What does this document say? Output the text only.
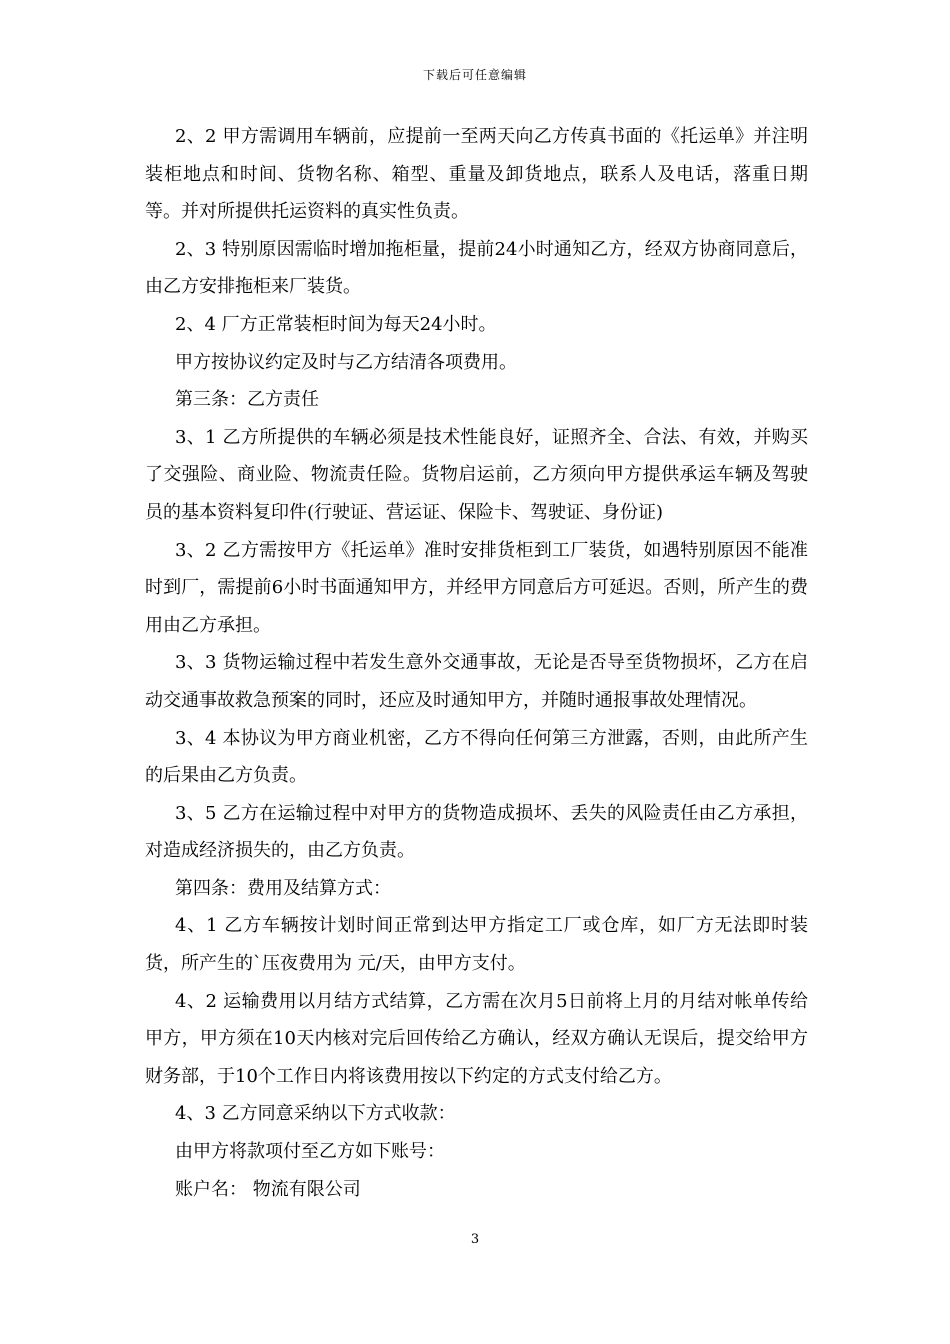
下载后可任意编辑

2、2 甲方需调用车辆前，应提前一至两天向乙方传真书面的《托运单》并注明装柜地点和时间、货物名称、箱型、重量及卸货地点，联系人及电话，落重日期等。并对所提供托运资料的真实性负责。

2、3 特别原因需临时增加拖柜量，提前24小时通知乙方，经双方协商同意后，由乙方安排拖柜来厂装货。

2、4 厂方正常装柜时间为每天24小时。

甲方按协议约定及时与乙方结清各项费用。

第三条：乙方责任

3、1 乙方所提供的车辆必须是技术性能良好，证照齐全、合法、有效，并购买了交强险、商业险、物流责任险。货物启运前，乙方须向甲方提供承运车辆及驾驶员的基本资料复印件(行驶证、营运证、保险卡、驾驶证、身份证)

3、2 乙方需按甲方《托运单》准时安排货柜到工厂装货，如遇特别原因不能准时到厂，需提前6小时书面通知甲方，并经甲方同意后方可延迟。否则，所产生的费用由乙方承担。

3、3 货物运输过程中若发生意外交通事故，无论是否导至货物损坏，乙方在启动交通事故救急预案的同时，还应及时通知甲方，并随时通报事故处理情况。

3、4 本协议为甲方商业机密，乙方不得向任何第三方泄露，否则，由此所产生的后果由乙方负责。

3、5 乙方在运输过程中对甲方的货物造成损坏、丢失的风险责任由乙方承担，对造成经济损失的，由乙方负责。

第四条：费用及结算方式：

4、1 乙方车辆按计划时间正常到达甲方指定工厂或仓库，如厂方无法即时装货，所产生的`压夜费用为 元/天，由甲方支付。

4、2 运输费用以月结方式结算，乙方需在次月5日前将上月的月结对帐单传给甲方，甲方须在10天内核对完后回传给乙方确认，经双方确认无误后，提交给甲方财务部，于10个工作日内将该费用按以下约定的方式支付给乙方。

4、3 乙方同意采纳以下方式收款：

由甲方将款项付至乙方如下账号：

账户名： 物流有限公司

3
